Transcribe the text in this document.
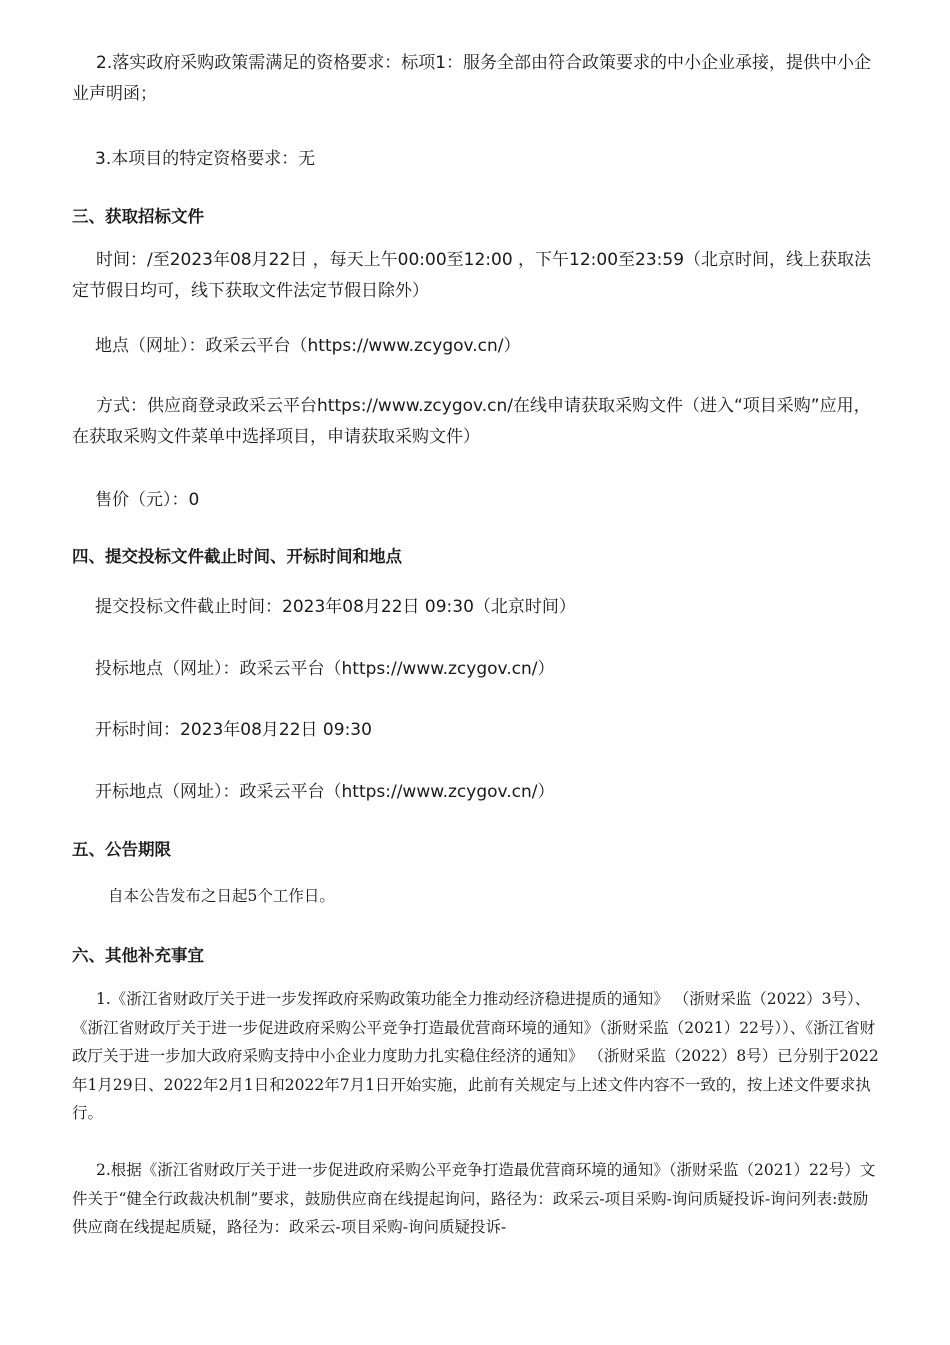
2.落实政府采购政策需满足的资格要求：标项1：服务全部由符合政策要求的中小企业承接，提供中小企业声明函；

3.本项目的特定资格要求：无

三、获取招标文件

时间：/至2023年08月22日 ，每天上午00:00至12:00 ，下午12:00至23:59（北京时间，线上获取法定节假日均可，线下获取文件法定节假日除外）

地点（网址）：政采云平台（https://www.zcygov.cn/）

方式：供应商登录政采云平台https://www.zcygov.cn/在线申请获取采购文件（进入“项目采购”应用，在获取采购文件菜单中选择项目，申请获取采购文件）

售价（元）：0

四、提交投标文件截止时间、开标时间和地点

提交投标文件截止时间：2023年08月22日 09:30（北京时间）

投标地点（网址）：政采云平台（https://www.zcygov.cn/）

开标时间：2023年08月22日 09:30

开标地点（网址）：政采云平台（https://www.zcygov.cn/）

五、公告期限

自本公告发布之日起5个工作日。

六、其他补充事宜

1.《浙江省财政厅关于进一步发挥政府采购政策功能全力推动经济稳进提质的通知》 （浙财采监（2022）3号）、《浙江省财政厅关于进一步促进政府采购公平竞争打造最优营商环境的通知》（浙财采监（2021）22号））、《浙江省财政厅关于进一步加大政府采购支持中小企业力度助力扎实稳住经济的通知》 （浙财采监（2022）8号）已分别于2022年1月29日、2022年2月1日和2022年7月1日开始实施，此前有关规定与上述文件内容不一致的，按上述文件要求执行。

2.根据《浙江省财政厅关于进一步促进政府采购公平竞争打造最优营商环境的通知》（浙财采监（2021）22号）文件关于“健全行政裁决机制”要求，鼓励供应商在线提起询问，路径为：政采云-项目采购-询问质疑投诉-询问列表:鼓励供应商在线提起质疑，路径为：政采云-项目采购-询问质疑投诉-
